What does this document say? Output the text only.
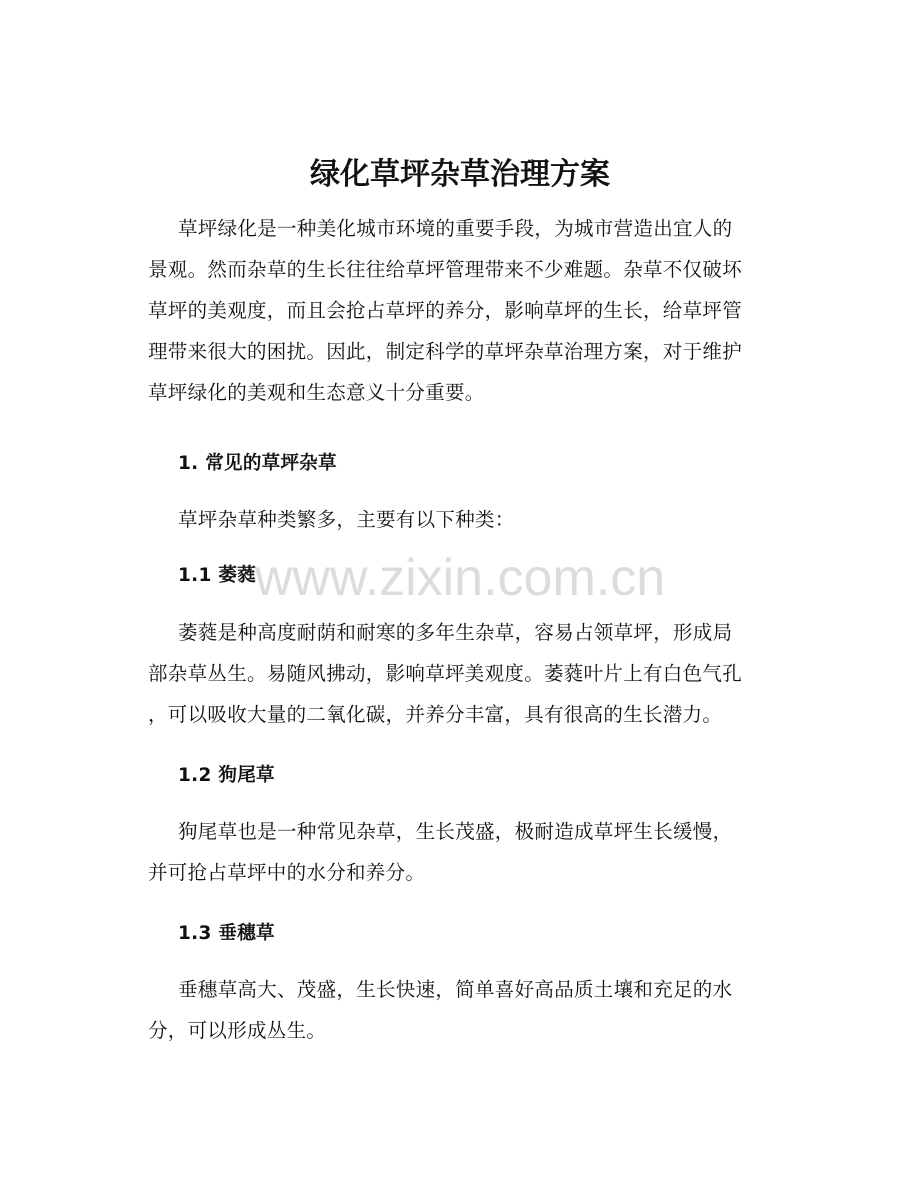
绿化草坪杂草治理方案
草坪绿化是一种美化城市环境的重要手段，为城市营造出宜人的
景观。然而杂草的生长往往给草坪管理带来不少难题。杂草不仅破坏
草坪的美观度，而且会抢占草坪的养分，影响草坪的生长，给草坪管
理带来很大的困扰。因此，制定科学的草坪杂草治理方案，对于维护
草坪绿化的美观和生态意义十分重要。
1. 常见的草坪杂草
草坪杂草种类繁多，主要有以下种类：
1.1 萎蕤
萎蕤是种高度耐荫和耐寒的多年生杂草，容易占领草坪，形成局
部杂草丛生。易随风拂动，影响草坪美观度。萎蕤叶片上有白色气孔
，可以吸收大量的二氧化碳，并养分丰富，具有很高的生长潜力。
1.2 狗尾草
狗尾草也是一种常见杂草，生长茂盛，极耐造成草坪生长缓慢，
并可抢占草坪中的水分和养分。
1.3 垂穗草
垂穗草高大、茂盛，生长快速，简单喜好高品质土壤和充足的水
分，可以形成丛生。
www.zixin.com.cn
